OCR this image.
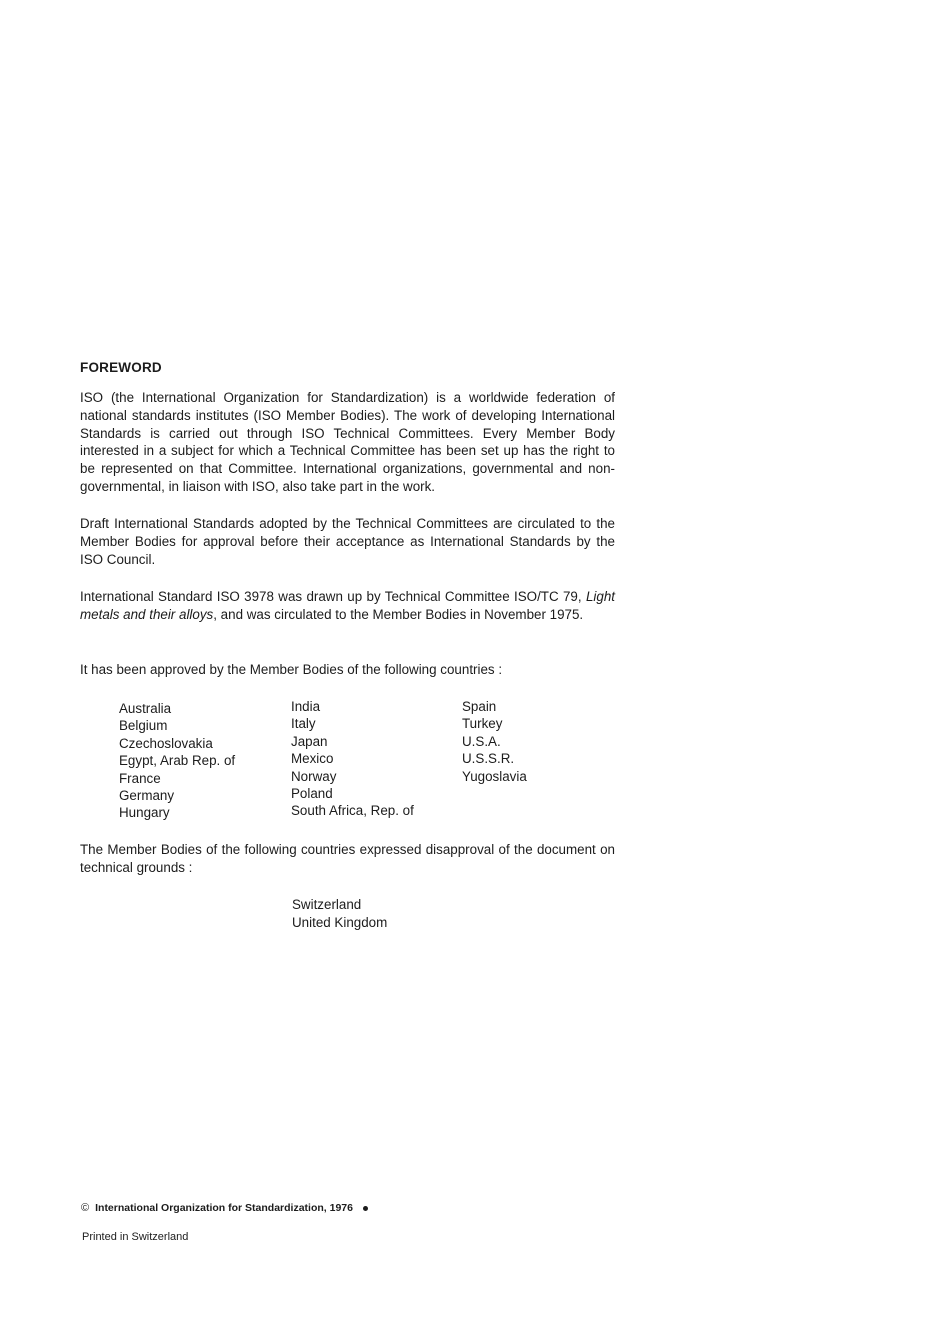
FOREWORD

ISO (the International Organization for Standardization) is a worldwide federation of national standards institutes (ISO Member Bodies). The work of developing International Standards is carried out through ISO Technical Committees. Every Member Body interested in a subject for which a Technical Committee has been set up has the right to be represented on that Committee. International organizations, governmental and non-governmental, in liaison with ISO, also take part in the work.

Draft International Standards adopted by the Technical Committees are circulated to the Member Bodies for approval before their acceptance as International Standards by the ISO Council.

International Standard ISO 3978 was drawn up by Technical Committee ISO/TC 79, Light metals and their alloys, and was circulated to the Member Bodies in November 1975.

It has been approved by the Member Bodies of the following countries :

Australia
Belgium
Czechoslovakia
Egypt, Arab Rep. of
France
Germany
Hungary
India
Italy
Japan
Mexico
Norway
Poland
South Africa, Rep. of
Spain
Turkey
U.S.A.
U.S.S.R.
Yugoslavia

The Member Bodies of the following countries expressed disapproval of the document on technical grounds :

Switzerland
United Kingdom
© International Organization for Standardization, 1976
Printed in Switzerland
